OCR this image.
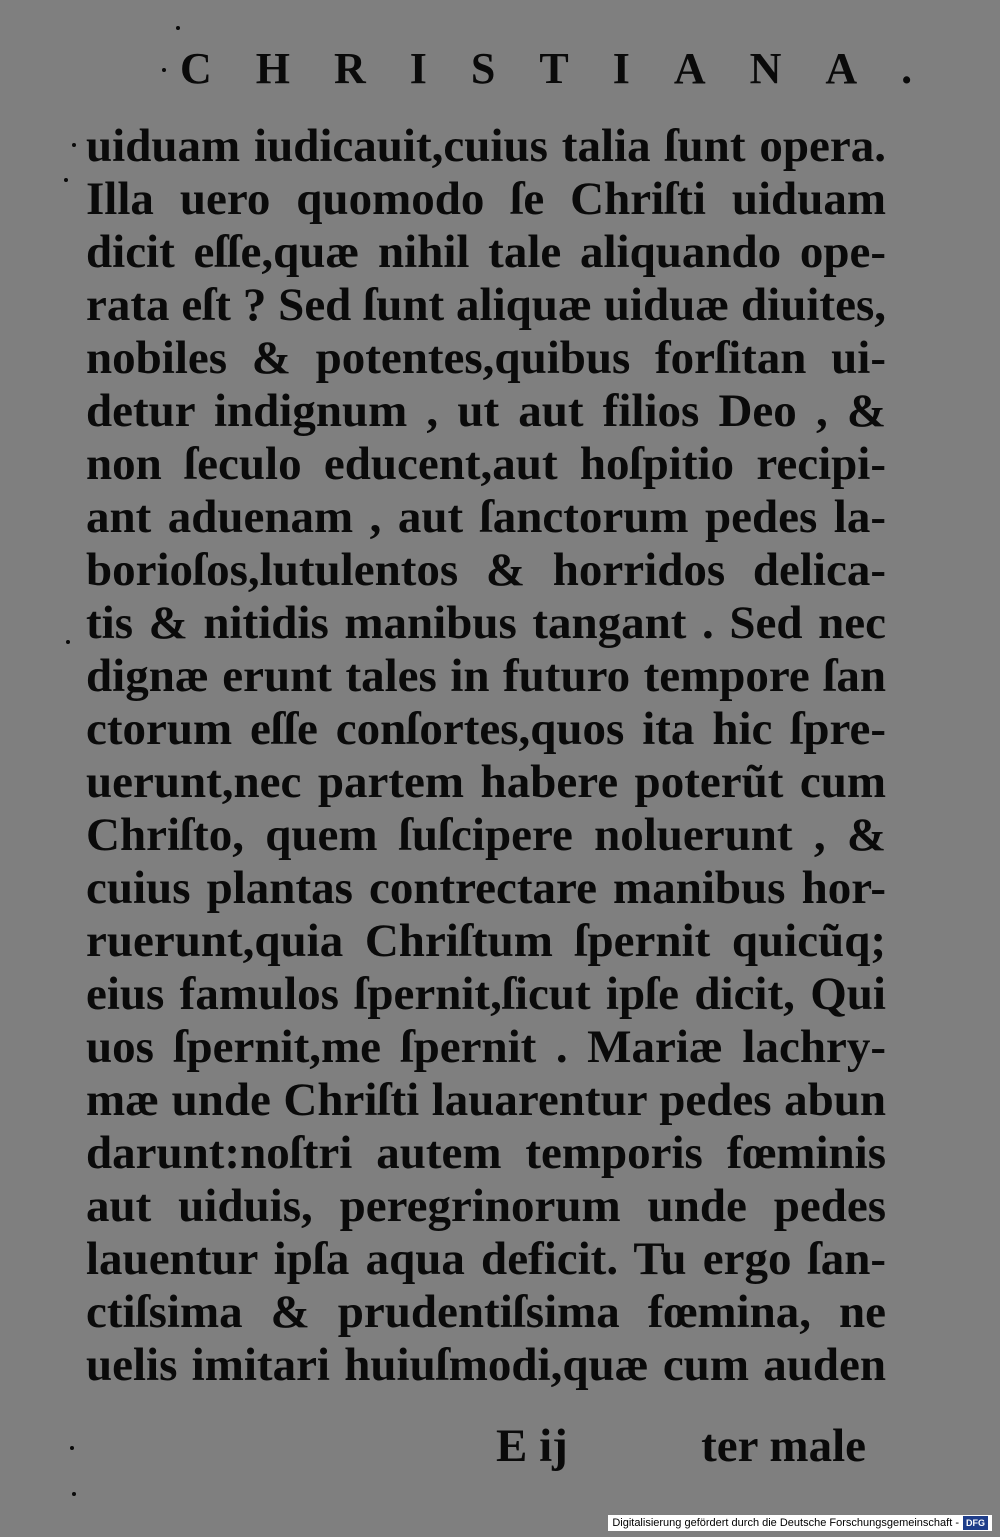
CHRISTIANA.
uiduam iudicauit,cuius talia ſunt opera.
Illa uero quomodo ſe Chriſti uiduam
dicit eſſe,quæ nihil tale aliquando ope-
rata eſt ? Sed ſunt aliquæ uiduæ diuites,
nobiles & potentes,quibus forſitan ui-
detur indignum , ut aut filios Deo , &
non ſeculo educent,aut hoſpitio recipi-
ant aduenam , aut ſanctorum pedes la-
borioſos,lutulentos & horridos delica-
tis & nitidis manibus tangant . Sed nec
dignæ erunt tales in futuro tempore ſan
ctorum eſſe conſortes,quos ita hic ſpre-
uerunt,nec partem habere poterũt cum
Chriſto, quem ſuſcipere noluerunt , &
cuius plantas contrectare manibus hor-
ruerunt,quia Chriſtum ſpernit quicũq;
eius famulos ſpernit,ſicut ipſe dicit, Qui
uos ſpernit,me ſpernit . Mariæ lachry-
mæ unde Chriſti lauarentur pedes abun
darunt:noſtri autem temporis fœminis
aut uiduis, peregrinorum unde pedes
lauentur ipſa aqua deficit. Tu ergo ſan-
ctiſsima & prudentiſsima fœmina, ne
uelis imitari huiuſmodi,quæ cum auden
E ij	ter male
Digitalisierung gefördert durch die Deutsche Forschungsgemeinschaft - DFG
